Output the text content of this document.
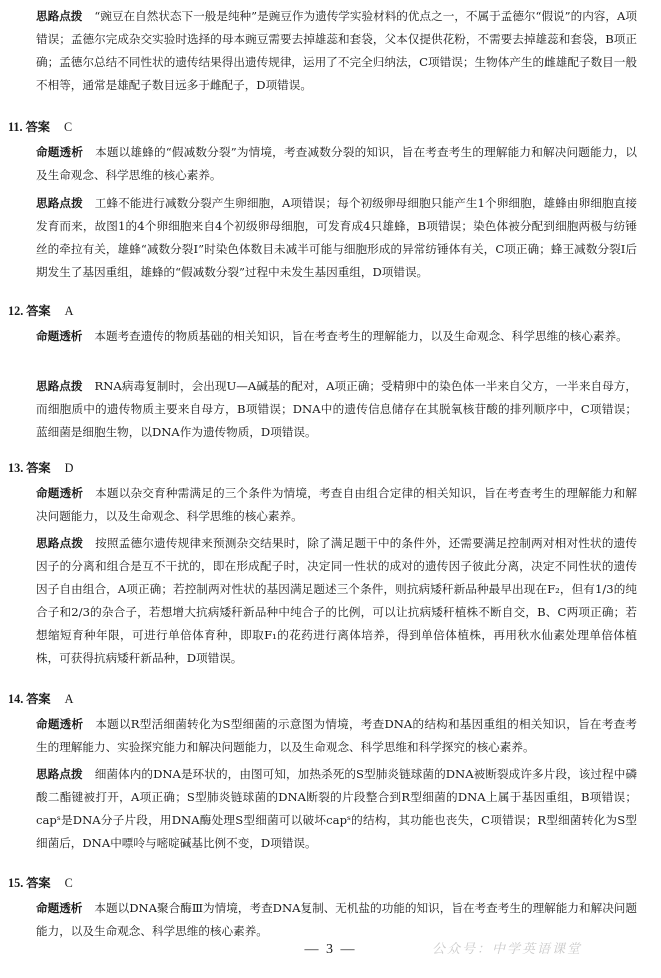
思路点拨 “豌豆在自然状态下一般是纯种”是豌豆作为遗传学实验材料的优点之一，不属于孟德尔“假说”的内容，A项错误；孟德尔完成杂交实验时选择的母本豌豆需要去掉雄蕊和套袋，父本仅提供花粉，不需要去掉雄蕊和套袋，B项正确；孟德尔总结不同性状的遗传结果得出遗传规律，运用了不完全归纳法，C项错误；生物体产生的雌雄配子数目一般不相等，通常是雄配子数目远多于雌配子，D项错误。
11. 答案 C
命题透析 本题以雄蜂的“假减数分裂”为情境，考查减数分裂的知识，旨在考查考生的理解能力和解决问题能力，以及生命观念、科学思维的核心素养。
思路点拨 工蜂不能进行减数分裂产生卵细胞，A项错误；每个初级卵母细胞只能产生1个卵细胞，雄蜂由卵细胞直接发育而来，故图1的4个卵细胞来自4个初级卵母细胞，可发育成4只雄蜂，B项错误；染色体被分配到细胞两极与纺锤丝的牵拉有关，雄蜂“减数分裂Ⅰ”时染色体数目未减半可能与细胞形成的异常纺锤体有关，C项正确；蜂王减数分裂Ⅰ后期发生了基因重组，雄蜂的“假减数分裂”过程中未发生基因重组，D项错误。
12. 答案 A
命题透析 本题考查遗传的物质基础的相关知识，旨在考查考生的理解能力，以及生命观念、科学思维的核心素养。
思路点拨 RNA病毒复制时，会出现U—A碱基的配对，A项正确；受精卵中的染色体一半来自父方，一半来自母方，而细胞质中的遗传物质主要来自母方，B项错误；DNA中的遗传信息储存在其脱氧核苷酸的排列顺序中，C项错误；蓝细菌是细胞生物，以DNA作为遗传物质，D项错误。
13. 答案 D
命题透析 本题以杂交育种需满足的三个条件为情境，考查自由组合定律的相关知识，旨在考查考生的理解能力和解决问题能力，以及生命观念、科学思维的核心素养。
思路点拨 按照孟德尔遗传规律来预测杂交结果时，除了满足题干中的条件外，还需要满足控制两对相对性状的遗传因子的分离和组合是互不干扰的，即在形成配子时，决定同一性状的成对的遗传因子彼此分离，决定不同性状的遗传因子自由组合，A项正确；若控制两对性状的基因满足题述三个条件，则抗病矮秆新品种最早出现在F₂，但有1/3的纯合子和2/3的杂合子，若想增大抗病矮秆新品种中纯合子的比例，可以让抗病矮秆植株不断自交，B、C两项正确；若想缩短育种年限，可进行单倍体育种，即取F₁的花药进行离体培养，得到单倍体植株，再用秋水仙素处理单倍体植株，可获得抗病矮秆新品种，D项错误。
14. 答案 A
命题透析 本题以R型活细菌转化为S型细菌的示意图为情境，考查DNA的结构和基因重组的相关知识，旨在考查考生的理解能力、实验探究能力和解决问题能力，以及生命观念、科学思维和科学探究的核心素养。
思路点拨 细菌体内的DNA是环状的，由图可知，加热杀死的S型肺炎链球菌的DNA被断裂成许多片段，该过程中磷酸二酯键被打开，A项正确；S型肺炎链球菌的DNA断裂的片段整合到R型细菌的DNA上属于基因重组，B项错误；capˢ是DNA分子片段，用DNA酶处理S型细菌可以破坏capˢ的结构，其功能也丧失，C项错误；R型细菌转化为S型细菌后，DNA中嘌呤与嘧啶碱基比例不变，D项错误。
15. 答案 C
命题透析 本题以DNA聚合酶Ⅲ为情境，考查DNA复制、无机盐的功能的知识，旨在考查考生的理解能力和解决问题能力，以及生命观念、科学思维的核心素养。
公众号：中学英语课堂
— 3 —
